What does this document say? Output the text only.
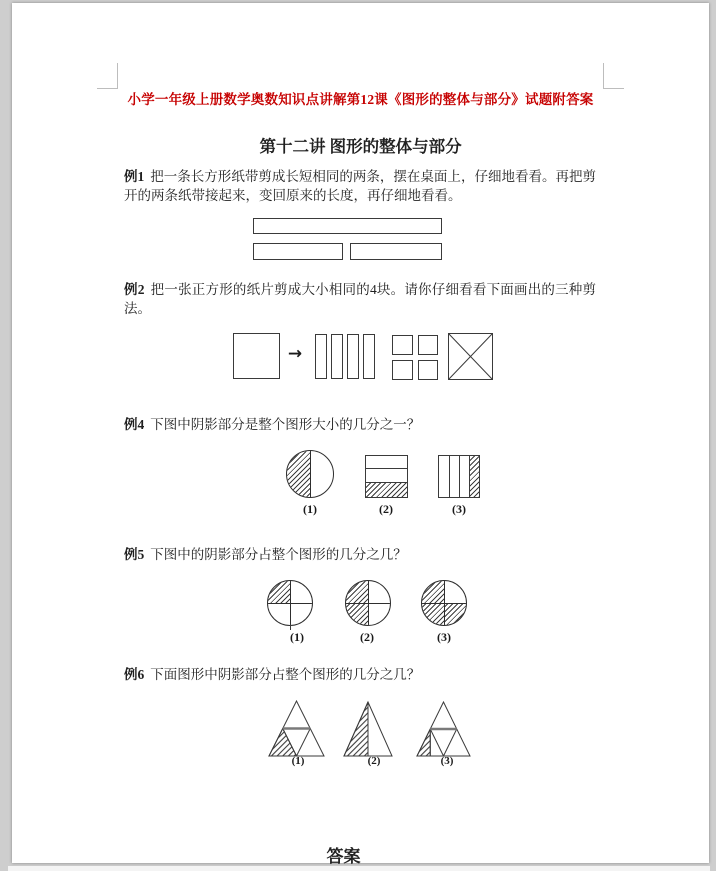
小学一年级上册数学奥数知识点讲解第12课《图形的整体与部分》试题附答案
第十二讲 图形的整体与部分
例1 把一条长方形纸带剪成长短相同的两条，摆在桌面上，仔细地看看。再把剪开的两条纸带接起来，变回原来的长度，再仔细地看看。
例2 把一张正方形的纸片剪成大小相同的4块。请你仔细看看下面画出的三种剪法。
→
例4 下图中阴影部分是整个图形大小的几分之一？
(1)	(2)	(3)
例5 下图中的阴影部分占整个图形的几分之几？
(1)	(2)	(3)
例6 下面图形中阴影部分占整个图形的几分之几？
(1)	(2)	(3)
答案
